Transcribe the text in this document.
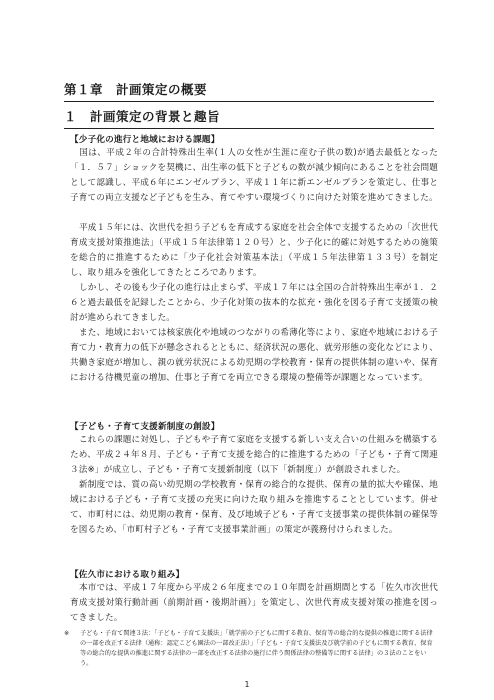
第１章　計画策定の概要
１　計画策定の背景と趣旨
【少子化の進行と地域における課題】
国は、平成２年の合計特殊出生率(１人の女性が生涯に産む子供の数)が過去最低となった「１．５７」ショックを契機に、出生率の低下と子どもの数が減少傾向にあることを社会問題として認識し、平成６年にエンゼルプラン、平成１１年に新エンゼルプランを策定し、仕事と子育ての両立支援など子どもを生み、育てやすい環境づくりに向けた対策を進めてきました。
平成１５年には、次世代を担う子どもを育成する家庭を社会全体で支援するための「次世代育成支援対策推進法」（平成１５年法律第１２０号）と、少子化に的確に対処するための施策を総合的に推進するために「少子化社会対策基本法」（平成１５年法律第１３３号）を制定し、取り組みを強化してきたところであります。
しかし、その後も少子化の進行は止まらず、平成１７年には全国の合計特殊出生率が１．２６と過去最低を記録したことから、少子化対策の抜本的な拡充・強化を図る子育て支援策の検討が進められてきました。
また、地域においては核家族化や地域のつながりの希薄化等により、家庭や地域における子育て力・教育力の低下が懸念されるとともに、経済状況の悪化、就労形態の変化などにより、共働き家庭が増加し、親の就労状況による幼児期の学校教育・保育の提供体制の違いや、保育における待機児童の増加、仕事と子育てを両立できる環境の整備等が課題となっています。
【子ども・子育て支援新制度の創設】
これらの課題に対処し、子どもや子育て家庭を支援する新しい支え合いの仕組みを構築するため、平成２４年８月、子ども・子育て支援を総合的に推進するための「子ども・子育て関連３法※」が成立し、子ども・子育て支援新制度（以下「新制度」）が創設されました。
新制度では、質の高い幼児期の学校教育・保育の総合的な提供、保育の量的拡大や確保、地域における子ども・子育て支援の充実に向けた取り組みを推進することとしています。併せて、市町村には、幼児期の教育・保育、及び地域子ども・子育て支援事業の提供体制の確保等を図るため、「市町村子ども・子育て支援事業計画」の策定が義務付けられました。
【佐久市における取り組み】
本市では、平成１７年度から平成２６年度までの１０年間を計画期間とする「佐久市次世代育成支援対策行動計画（前期計画・後期計画）」を策定し、次世代育成支援対策の推進を図ってきました。
※ 子ども・子育て関連３法：「子ども・子育て支援法」「就学前の子どもに関する教育、保育等の総合的な提供の推進に関する法律の一部を改正する法律（通称：認定こども園法の一部改正法）」「子ども・子育て支援法及び就学前の子どもに関する教育、保育等の総合的な提供の推進に関する法律の一部を改正する法律の施行に伴う関係法律の整備等に関する法律」の３法のことをいう。
1
